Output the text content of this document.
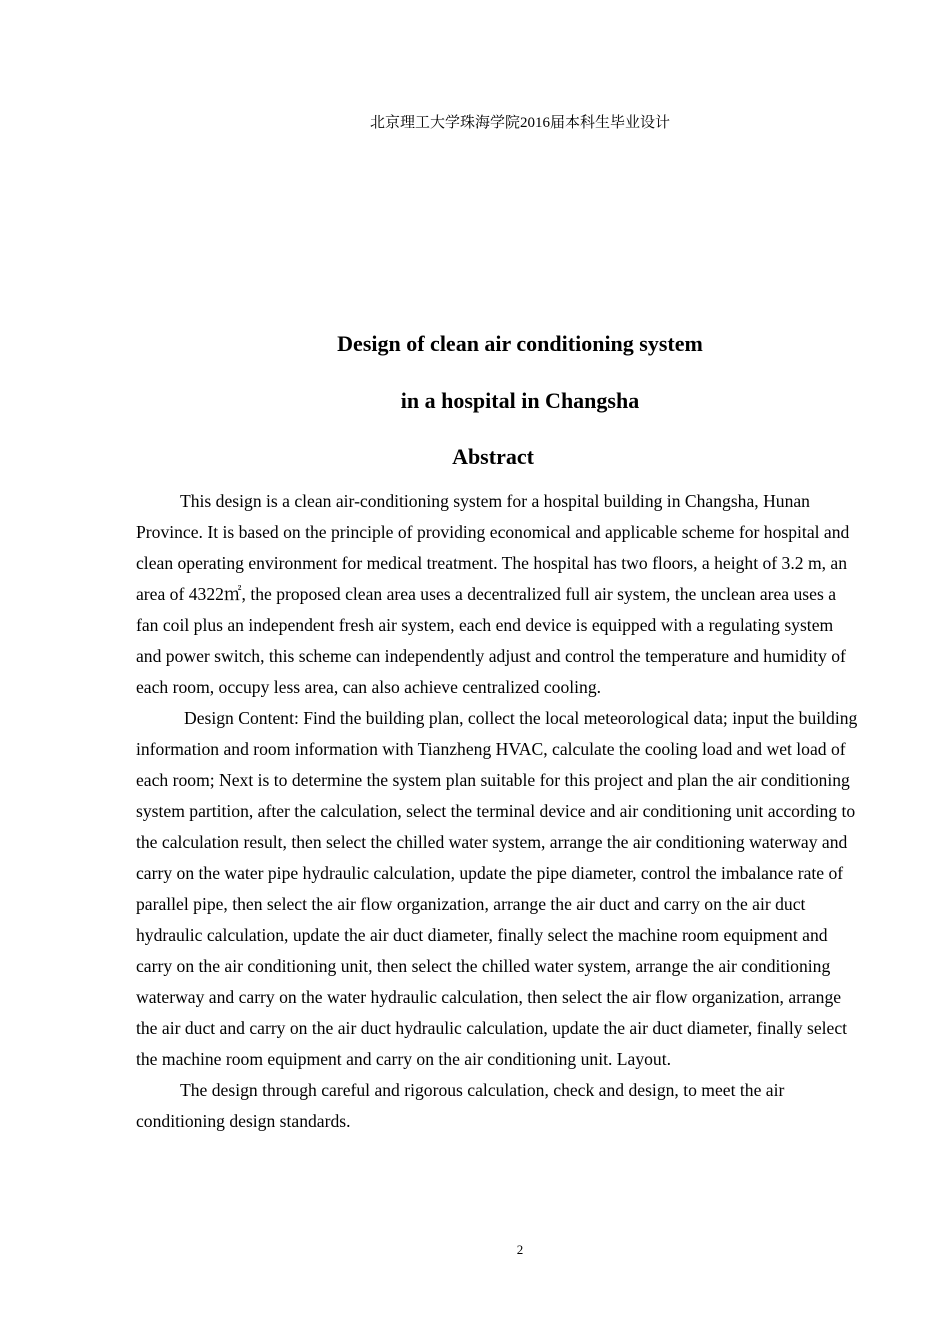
北京理工大学珠海学院2016届本科生毕业设计
Design of clean air conditioning system
in a hospital in Changsha
Abstract

This design is a clean air-conditioning system for a hospital building in Changsha, Hunan Province. It is based on the principle of providing economical and applicable scheme for hospital and clean operating environment for medical treatment. The hospital has two floors, a height of 3.2 m, an area of 4322㎡, the proposed clean area uses a decentralized full air system, the unclean area uses a fan coil plus an independent fresh air system, each end device is equipped with a regulating system and power switch, this scheme can independently adjust and control the temperature and humidity of each room, occupy less area, can also achieve centralized cooling.

Design Content: Find the building plan, collect the local meteorological data; input the building information and room information with Tianzheng HVAC, calculate the cooling load and wet load of each room; Next is to determine the system plan suitable for this project and plan the air conditioning system partition, after the calculation, select the terminal device and air conditioning unit according to the calculation result, then select the chilled water system, arrange the air conditioning waterway and carry on the water pipe hydraulic calculation, update the pipe diameter, control the imbalance rate of parallel pipe, then select the air flow organization, arrange the air duct and carry on the air duct hydraulic calculation, update the air duct diameter, finally select the machine room equipment and carry on the air conditioning unit, then select the chilled water system, arrange the air conditioning waterway and carry on the water hydraulic calculation, then select the air flow organization, arrange the air duct and carry on the air duct hydraulic calculation, update the air duct diameter, finally select the machine room equipment and carry on the air conditioning unit. Layout.

The design through careful and rigorous calculation, check and design, to meet the air conditioning design standards.

2
